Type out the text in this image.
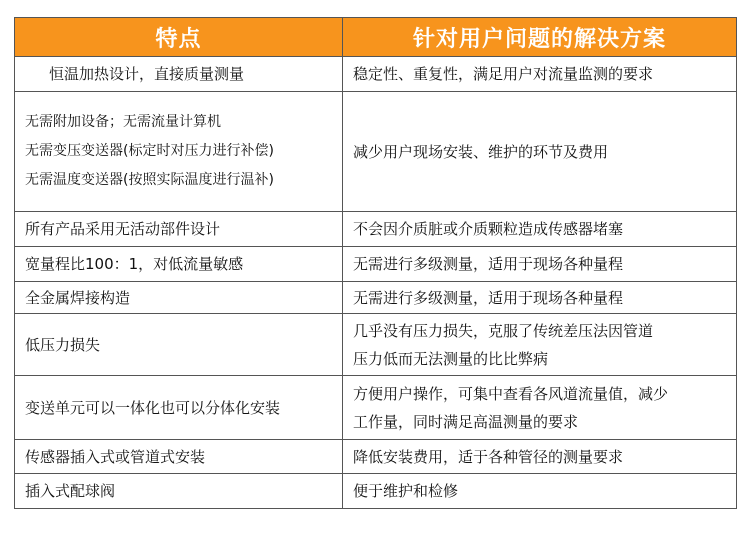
特点	针对用户问题的解决方案

恒温加热设计，直接质量测量	稳定性、重复性，满足用户对流量监测的要求

无需附加设备；无需流量计算机
无需变压变送器(标定时对压力进行补偿)
无需温度变送器(按照实际温度进行温补)	减少用户现场安装、维护的环节及费用

所有产品采用无活动部件设计	不会因介质脏或介质颗粒造成传感器堵塞

宽量程比100：1，对低流量敏感	无需进行多级测量，适用于现场各种量程

全金属焊接构造	无需进行多级测量，适用于现场各种量程

低压力损失	几乎没有压力损失，克服了传统差压法因管道
压力低而无法测量的比比弊病

变送单元可以一体化也可以分体化安装	方便用户操作，可集中查看各风道流量值，减少
工作量，同时满足高温测量的要求

传感器插入式或管道式安装	降低安装费用，适于各种管径的测量要求

插入式配球阀	便于维护和检修
